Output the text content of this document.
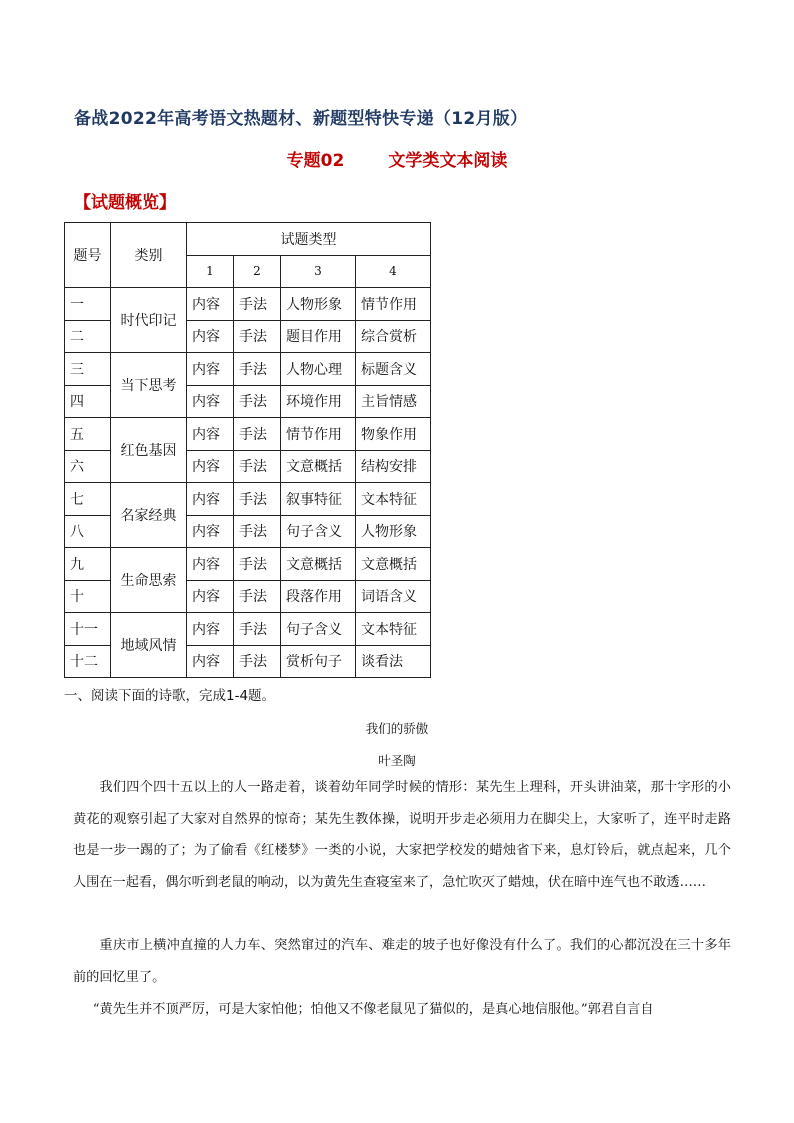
备战2022年高考语文热题材、新题型特快专递（12月版）
专题02	文学类文本阅读
【试题概览】
题号	类别	试题类型			
		1	2	3	4
一	时代印记	内容	手法	人物形象	情节作用
二		内容	手法	题目作用	综合赏析
三	当下思考	内容	手法	人物心理	标题含义
四		内容	手法	环境作用	主旨情感
五	红色基因	内容	手法	情节作用	物象作用
六		内容	手法	文意概括	结构安排
七	名家经典	内容	手法	叙事特征	文本特征
八		内容	手法	句子含义	人物形象
九	生命思索	内容	手法	文意概括	文意概括
十		内容	手法	段落作用	词语含义
十一	地域风情	内容	手法	句子含义	文本特征
十二		内容	手法	赏析句子	谈看法
一、阅读下面的诗歌，完成1-4题。
我们的骄傲
叶圣陶

我们四个四十五以上的人一路走着，谈着幼年同学时候的情形：某先生上理科，开头讲油菜，那十字形的小黄花的观察引起了大家对自然界的惊奇；某先生教体操，说明开步走必须用力在脚尖上，大家听了，连平时走路也是一步一踢的了；为了偷看《红楼梦》一类的小说，大家把学校发的蜡烛省下来，息灯铃后，就点起来，几个人围在一起看，偶尔听到老鼠的响动，以为黄先生查寝室来了，急忙吹灭了蜡烛，伏在暗中连气也不敢透……

重庆市上横冲直撞的人力车、突然窜过的汽车、难走的坡子也好像没有什么了。我们的心都沉没在三十多年前的回忆里了。

“黄先生并不顶严厉，可是大家怕他；怕他又不像老鼠见了猫似的，是真心地信服他。”郭君自言自
